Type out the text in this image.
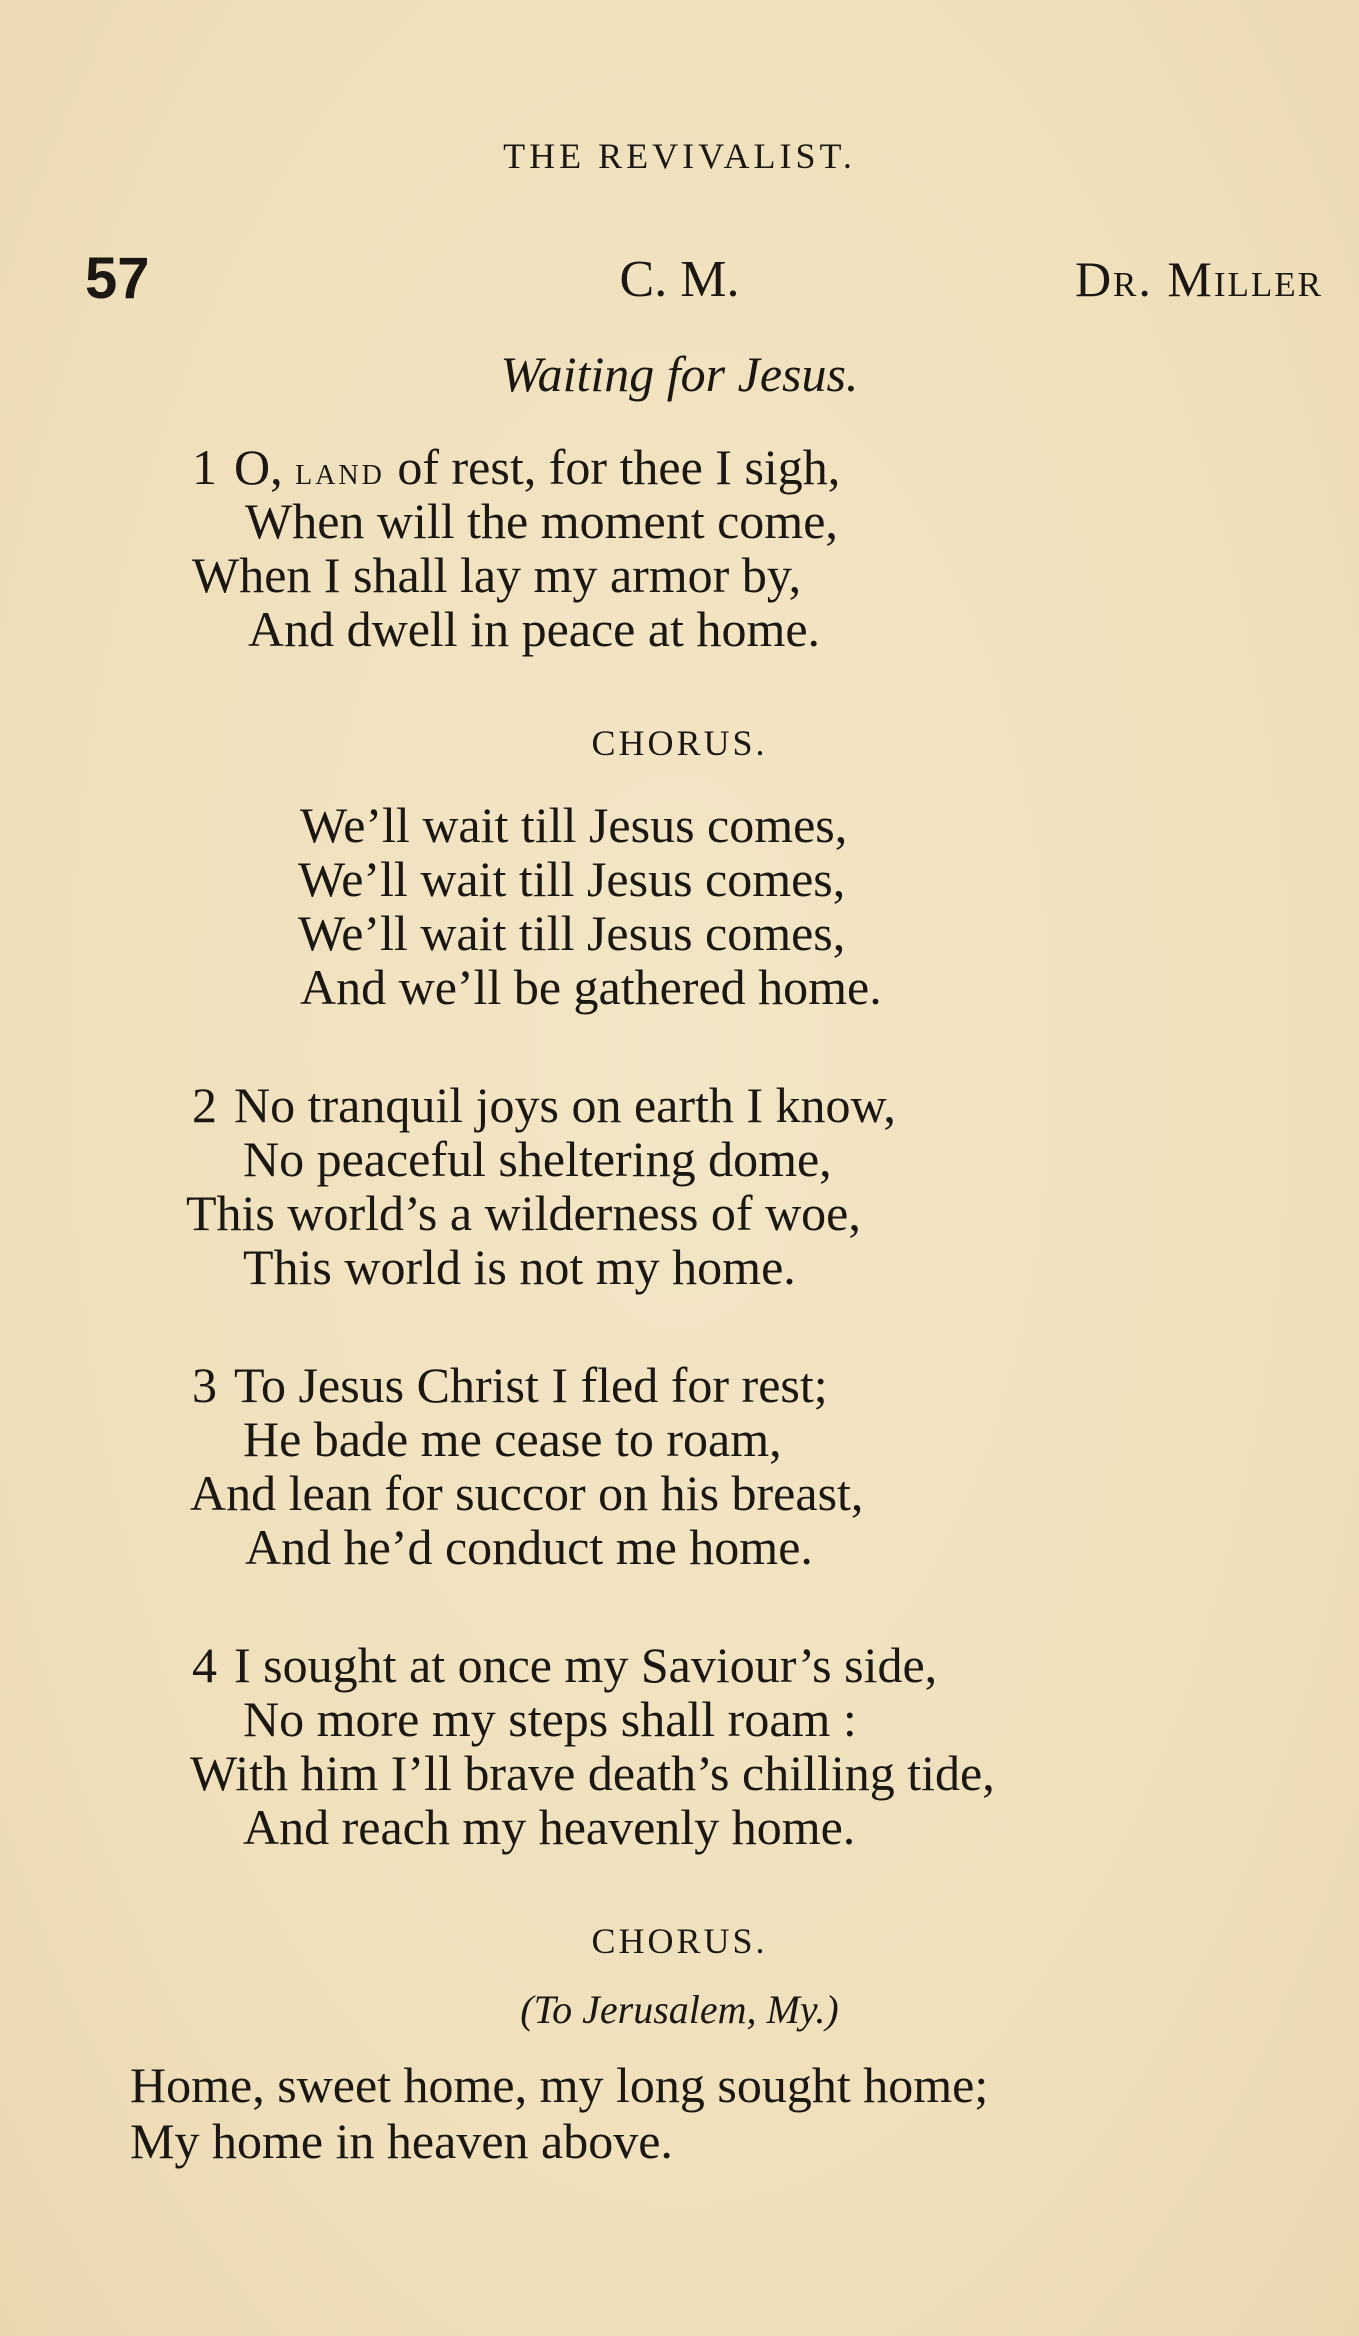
THE REVIVALIST.
57	C. M.	Dr. Miller
Waiting for Jesus.
1 O, land of rest, for thee I sigh,
When will the moment come,
When I shall lay my armor by,
And dwell in peace at home.
CHORUS.
We’ll wait till Jesus comes,
We’ll wait till Jesus comes,
We’ll wait till Jesus comes,
And we’ll be gathered home.
2 No tranquil joys on earth I know,
No peaceful sheltering dome,
This world’s a wilderness of woe,
This world is not my home.
3 To Jesus Christ I fled for rest;
He bade me cease to roam,
And lean for succor on his breast,
And he’d conduct me home.
4 I sought at once my Saviour’s side,
No more my steps shall roam :
With him I’ll brave death’s chilling tide,
And reach my heavenly home.
CHORUS.
(To Jerusalem, My.)
Home, sweet home, my long sought home;
My home in heaven above.
